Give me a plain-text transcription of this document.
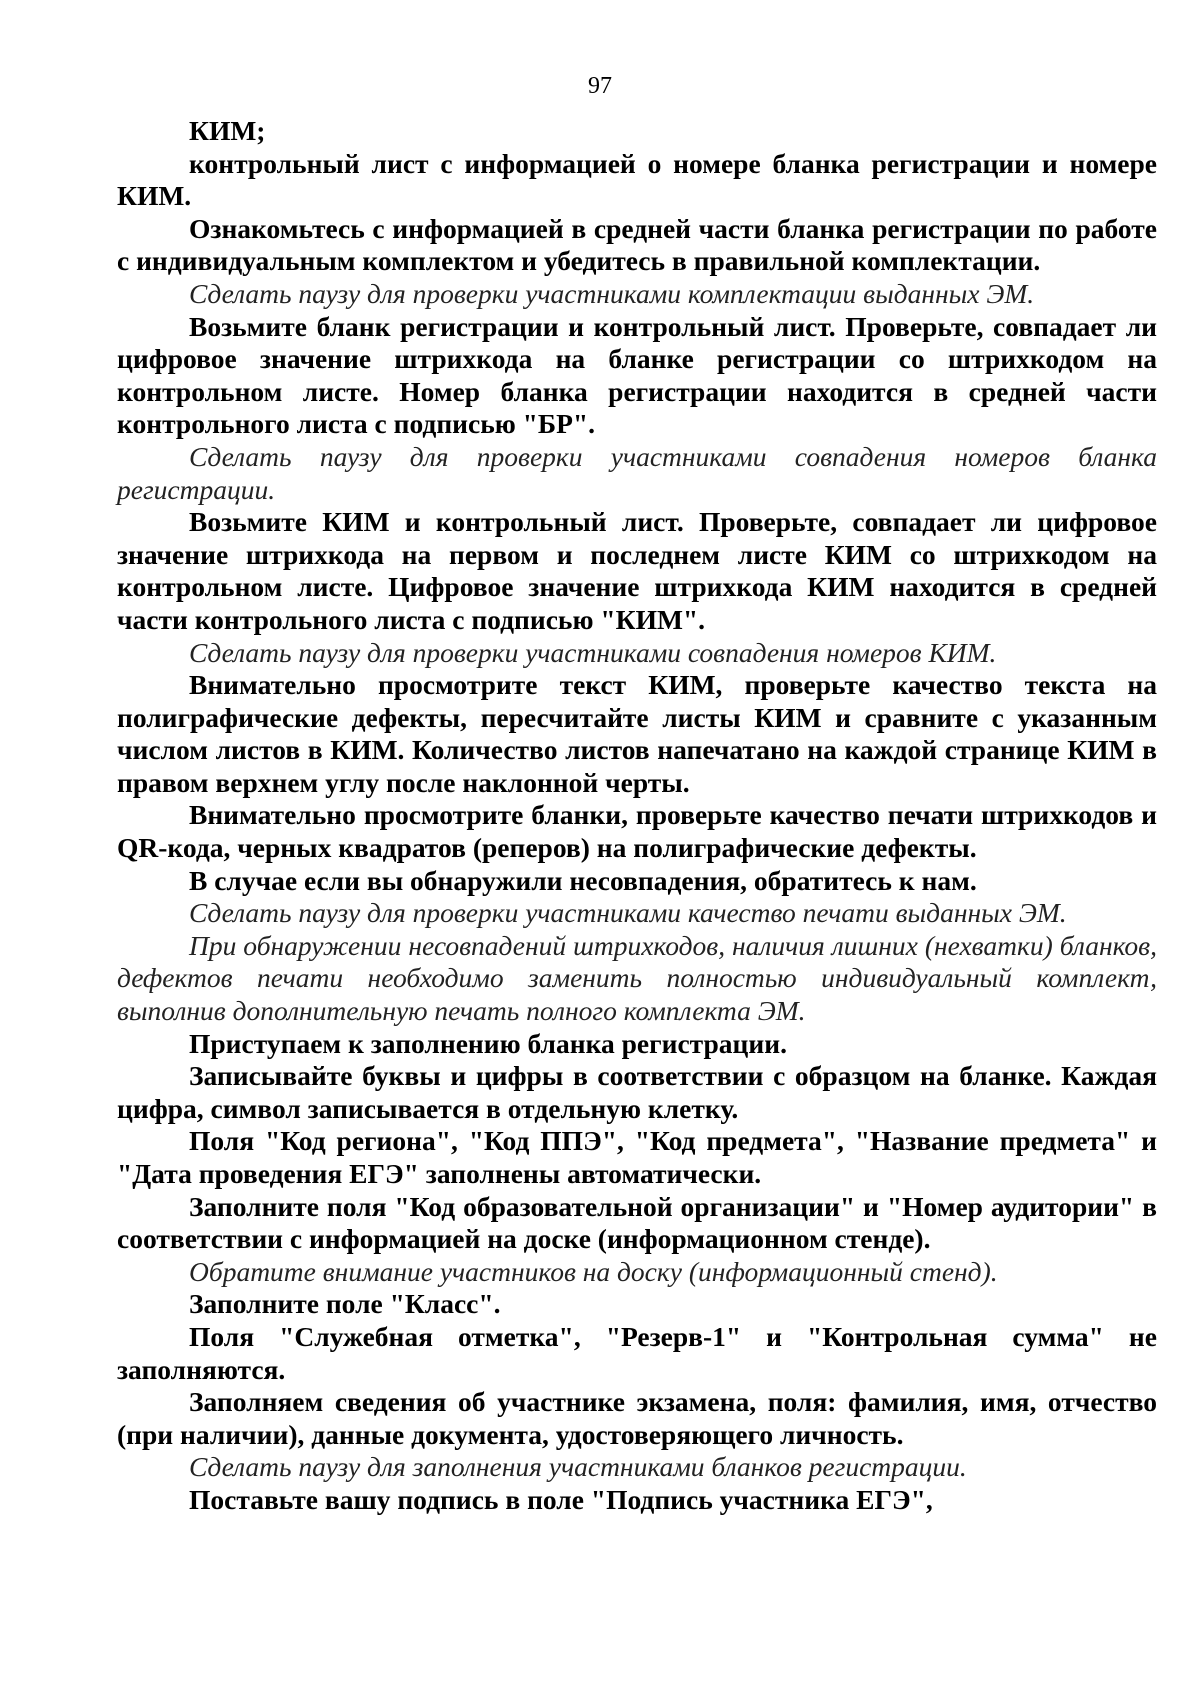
97

КИМ;

контрольный лист с информацией о номере бланка регистрации и номере КИМ.

Ознакомьтесь с информацией в средней части бланка регистрации по работе с индивидуальным комплектом и убедитесь в правильной комплектации.

Сделать паузу для проверки участниками комплектации выданных ЭМ.

Возьмите бланк регистрации и контрольный лист. Проверьте, совпадает ли цифровое значение штрихкода на бланке регистрации со штрихкодом на контрольном листе. Номер бланка регистрации находится в средней части контрольного листа с подписью "БР".

Сделать паузу для проверки участниками совпадения номеров бланка регистрации.

Возьмите КИМ и контрольный лист. Проверьте, совпадает ли цифровое значение штрихкода на первом и последнем листе КИМ со штрихкодом на контрольном листе. Цифровое значение штрихкода КИМ находится в средней части контрольного листа с подписью "КИМ".

Сделать паузу для проверки участниками совпадения номеров КИМ.

Внимательно просмотрите текст КИМ, проверьте качество текста на полиграфические дефекты, пересчитайте листы КИМ и сравните с указанным числом листов в КИМ. Количество листов напечатано на каждой странице КИМ в правом верхнем углу после наклонной черты.

Внимательно просмотрите бланки, проверьте качество печати штрихкодов и QR-кода, черных квадратов (реперов) на полиграфические дефекты.

В случае если вы обнаружили несовпадения, обратитесь к нам.

Сделать паузу для проверки участниками качество печати выданных ЭМ.

При обнаружении несовпадений штрихкодов, наличия лишних (нехватки) бланков, дефектов печати необходимо заменить полностью индивидуальный комплект, выполнив дополнительную печать полного комплекта ЭМ.

Приступаем к заполнению бланка регистрации.

Записывайте буквы и цифры в соответствии с образцом на бланке. Каждая цифра, символ записывается в отдельную клетку.

Поля "Код региона", "Код ППЭ", "Код предмета", "Название предмета" и "Дата проведения ЕГЭ" заполнены автоматически.

Заполните поля "Код образовательной организации" и "Номер аудитории" в соответствии с информацией на доске (информационном стенде).

Обратите внимание участников на доску (информационный стенд).

Заполните поле "Класс".

Поля "Служебная отметка", "Резерв-1" и "Контрольная сумма" не заполняются.

Заполняем сведения об участнике экзамена, поля: фамилия, имя, отчество (при наличии), данные документа, удостоверяющего личность.

Сделать паузу для заполнения участниками бланков регистрации.

Поставьте вашу подпись в поле "Подпись участника ЕГЭ",
